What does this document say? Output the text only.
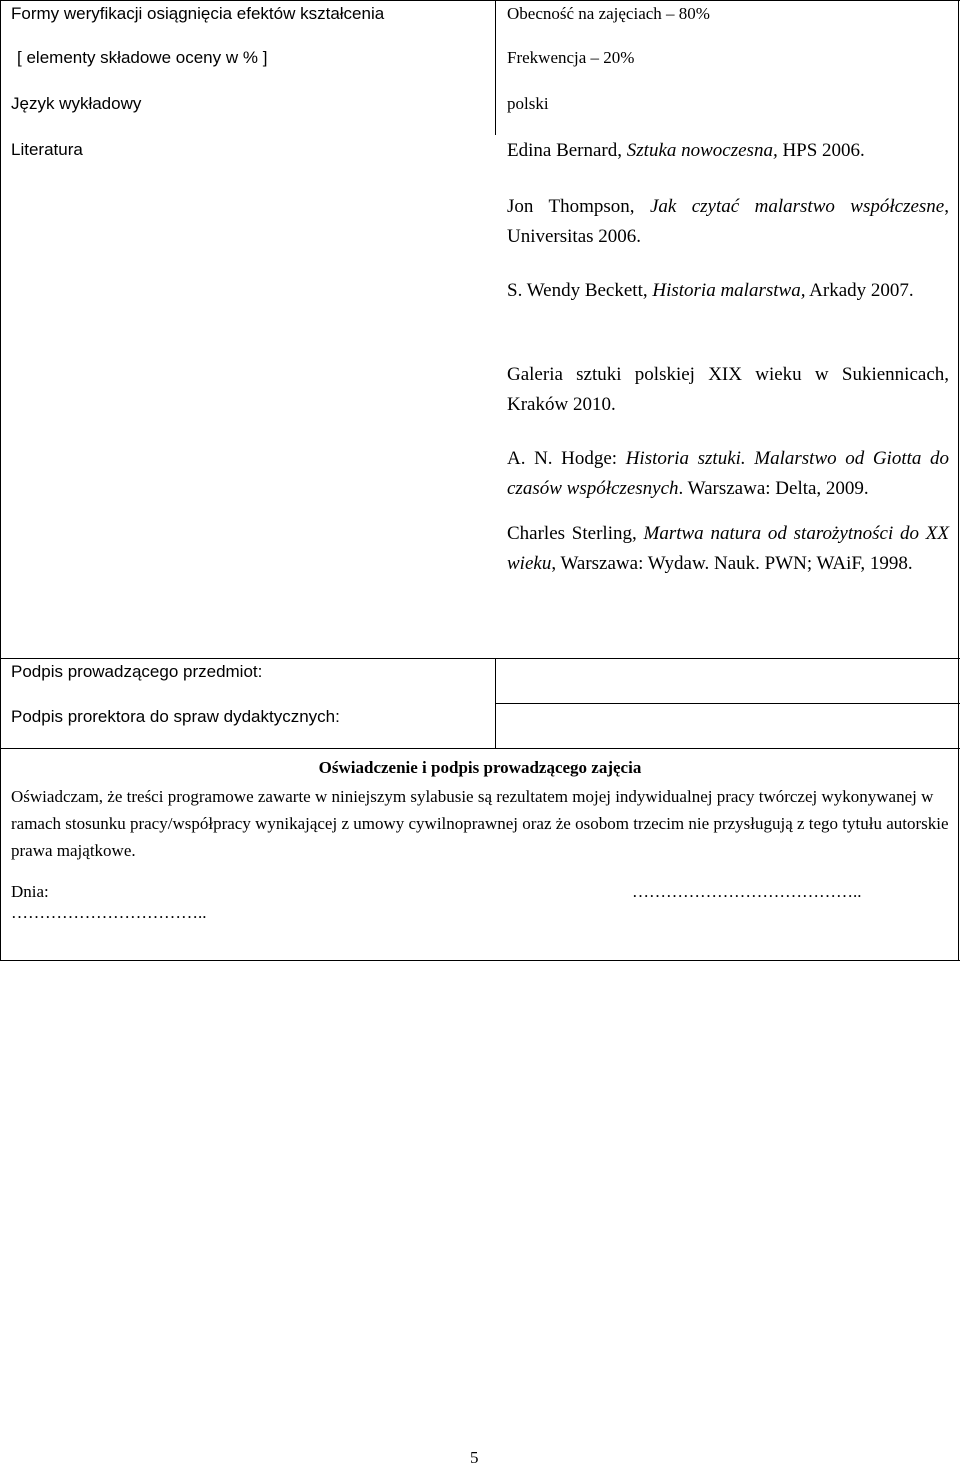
Formy weryfikacji osiągnięcia efektów kształcenia	Obecność na zajęciach – 80%
[ elementy składowe oceny w % ]	Frekwencja – 20%
Język wykładowy	polski
Literatura	Edina Bernard, Sztuka nowoczesna, HPS 2006.
Jon Thompson, Jak czytać malarstwo współczesne, Universitas 2006.
S. Wendy Beckett, Historia malarstwa, Arkady 2007.
Galeria sztuki polskiej XIX wieku w Sukiennicach, Kraków 2010.
A. N. Hodge: Historia sztuki. Malarstwo od Giotta do czasów współczesnych. Warszawa: Delta, 2009.
Charles Sterling, Martwa natura od starożytności do XX wieku, Warszawa: Wydaw. Nauk. PWN; WAiF, 1998.
Podpis prowadzącego przedmiot:
Podpis prorektora do spraw dydaktycznych:
Oświadczenie i podpis prowadzącego zajęcia
Oświadczam, że treści programowe zawarte w niniejszym sylabusie są rezultatem mojej indywidualnej pracy twórczej wykonywanej w ramach stosunku pracy/współpracy wynikającej z umowy cywilnoprawnej oraz że osobom trzecim nie przysługują z tego tytułu autorskie prawa majątkowe.
Dnia:	…………………………………..
……………………………..
5
